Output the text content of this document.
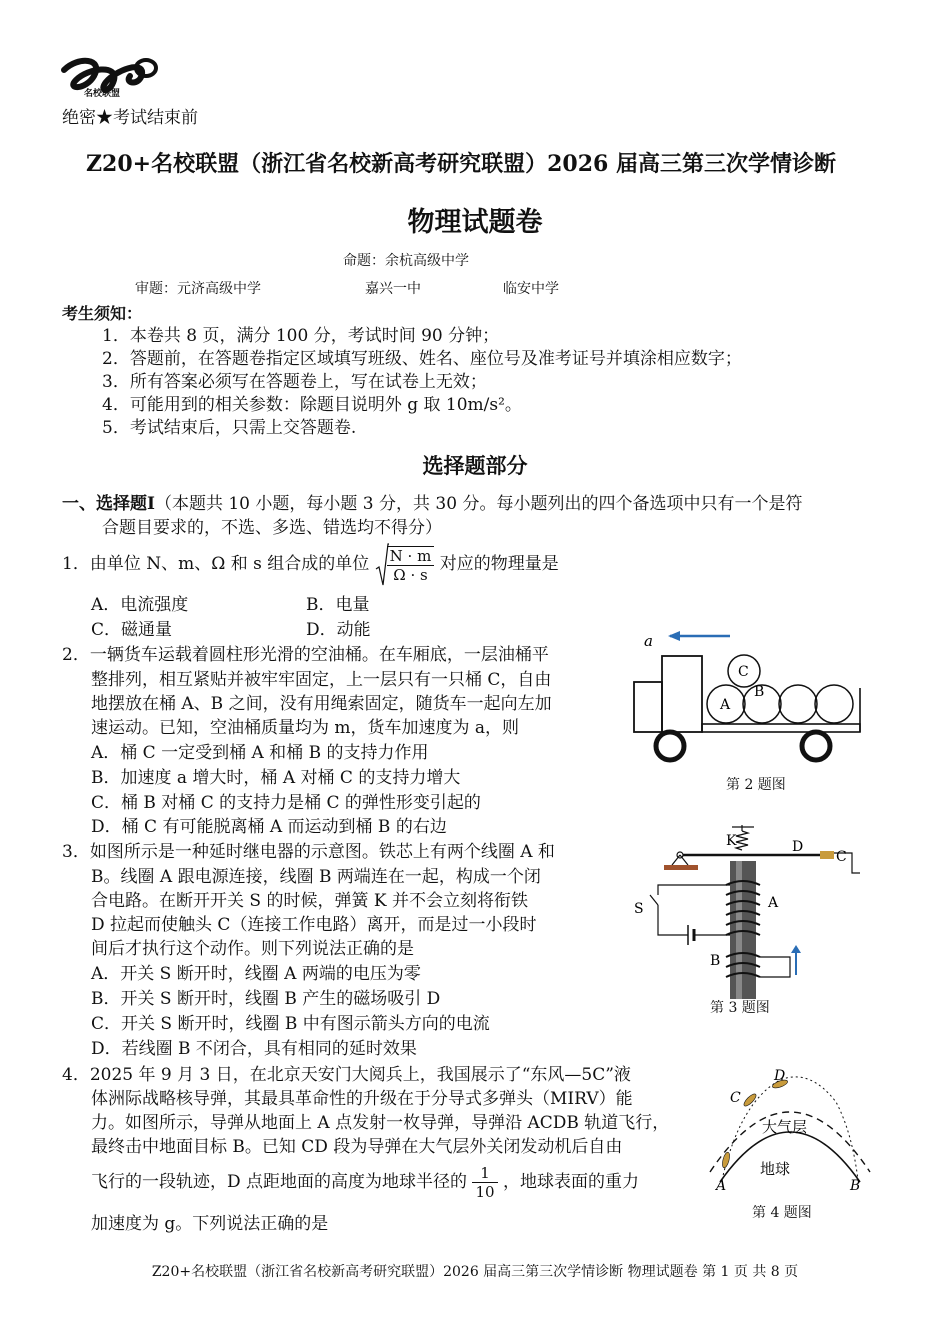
名校联盟
绝密★考试结束前
Z20+名校联盟（浙江省名校新高考研究联盟）2026 届高三第三次学情诊断
物理试题卷
命题：余杭高级中学
审题：元济高级中学	嘉兴一中	临安中学
考生须知：
1．本卷共 8 页，满分 100 分，考试时间 90 分钟；
2．答题前，在答题卷指定区域填写班级、姓名、座位号及准考证号并填涂相应数字；
3．所有答案必须写在答题卷上，写在试卷上无效；
4．可能用到的相关参数：除题目说明外 g 取 10m/s²。
5．考试结束后，只需上交答题卷.
选择题部分
一、选择题Ⅰ（本题共 10 小题，每小题 3 分，共 30 分。每小题列出的四个备选项中只有一个是符
合题目要求的，不选、多选、错选均不得分）
1．由单位 N、m、Ω 和 s 组合成的单位 $\frac{N \cdot m}{\Omega \cdot s}$ 对应的物理量是
A．电流强度	B．电量
C．磁通量	D．动能
2．一辆货车运载着圆柱形光滑的空油桶。在车厢底，一层油桶平
整排列，相互紧贴并被牢牢固定，上一层只有一只桶 C，自由
地摆放在桶 A、B 之间，没有用绳索固定，随货车一起向左加
速运动。已知，空油桶质量均为 m，货车加速度为 a，则
A．桶 C 一定受到桶 A 和桶 B 的支持力作用
B．加速度 a 增大时，桶 A 对桶 C 的支持力增大
C．桶 B 对桶 C 的支持力是桶 C 的弹性形变引起的
D．桶 C 有可能脱离桶 A 而运动到桶 B 的右边
a
A
B
C
第 2 题图
3．如图所示是一种延时继电器的示意图。铁芯上有两个线圈 A 和
B。线圈 A 跟电源连接，线圈 B 两端连在一起，构成一个闭
合电路。在断开开关 S 的时候，弹簧 K 并不会立刻将衔铁
D 拉起而使触头 C（连接工作电路）离开，而是过一小段时
间后才执行这个动作。则下列说法正确的是
A．开关 S 断开时，线圈 A 两端的电压为零
B．开关 S 断开时，线圈 B 产生的磁场吸引 D
C．开关 S 断开时，线圈 B 中有图示箭头方向的电流
D．若线圈 B 不闭合，具有相同的延时效果
K	D
C
A
B
S
第 3 题图
4．2025 年 9 月 3 日，在北京天安门大阅兵上，我国展示了“东风—5C”液
体洲际战略核导弹，其最具革命性的升级在于分导式多弹头（MIRV）能
力。如图所示，导弹从地面上 A 点发射一枚导弹，导弹沿 ACDB 轨道飞行，
最终击中地面目标 B。已知 CD 段为导弹在大气层外关闭发动机后自由
飞行的一段轨迹，D 点距地面的高度为地球半径的 $\frac{1}{10}$ ，地球表面的重力
加速度为 g。下列说法正确的是
C
D
大气层
地球
A	B
第 4 题图
Z20+名校联盟（浙江省名校新高考研究联盟）2026 届高三第三次学情诊断 物理试题卷 第 1 页 共 8 页
